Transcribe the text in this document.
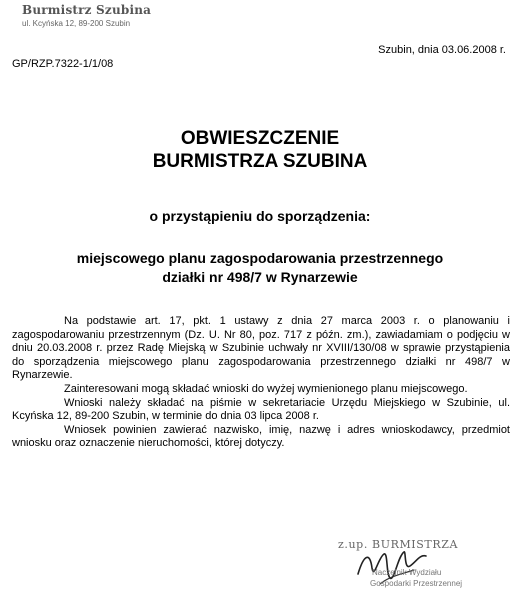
Burmistrz Szubina
ul. Kcyńska 12, 89-200 Szubin
Szubin, dnia 03.06.2008 r.
GP/RZP.7322-1/1/08
OBWIESZCZENIE
BURMISTRZA SZUBINA
o przystąpieniu do sporządzenia:
miejscowego planu zagospodarowania przestrzennego
działki nr 498/7 w Rynarzewie

Na podstawie art. 17, pkt. 1 ustawy z dnia 27 marca 2003 r. o planowaniu i zagospodarowaniu przestrzennym (Dz. U. Nr 80, poz. 717 z późn. zm.), zawiadamiam o podjęciu w dniu 20.03.2008 r. przez Radę Miejską w Szubinie uchwały nr XVIII/130/08 w sprawie przystąpienia do sporządzenia miejscowego planu zagospodarowania przestrzennego działki nr 498/7 w Rynarzewie.

Zainteresowani mogą składać wnioski do wyżej wymienionego planu miejscowego.

Wnioski należy składać na piśmie w sekretariacie Urzędu Miejskiego w Szubinie, ul. Kcyńska 12, 89-200 Szubin, w terminie do dnia 03 lipca 2008 r.

Wniosek powinien zawierać nazwisko, imię, nazwę i adres wnioskodawcy, przedmiot wniosku oraz oznaczenie nieruchomości, której dotyczy.

z.up. BURMISTRZA
Naczelnik Wydziału
Gospodarki Przestrzennej
